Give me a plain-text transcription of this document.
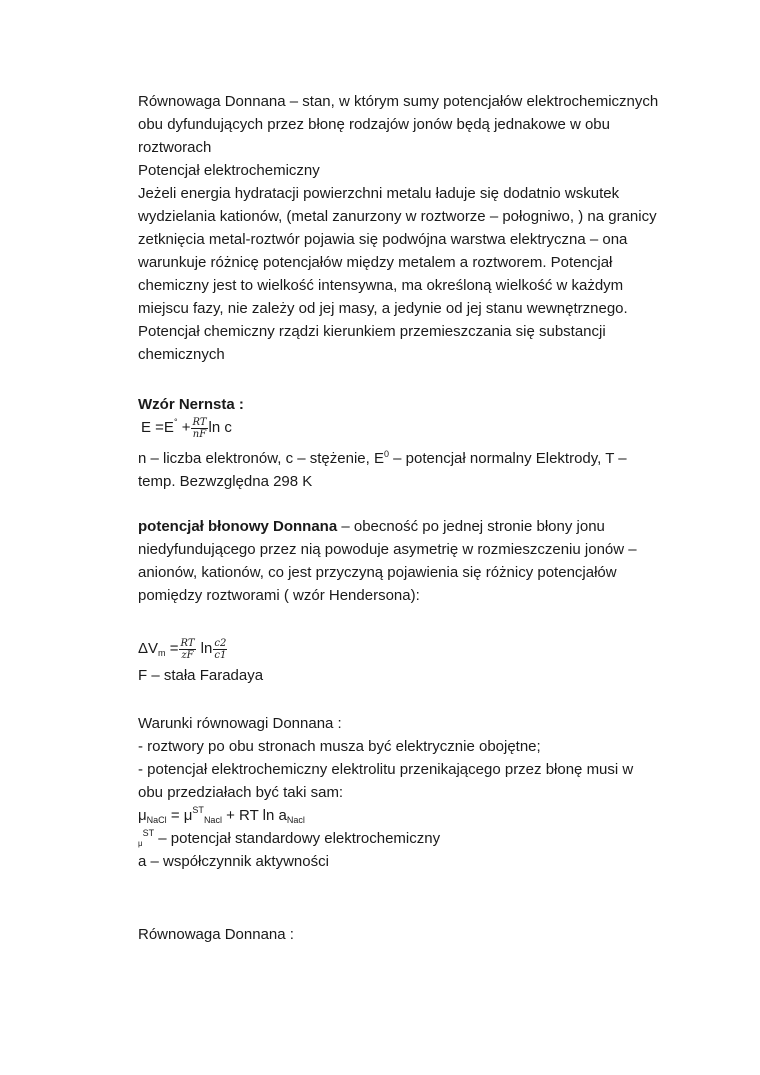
Równowaga Donnana – stan, w którym sumy potencjałów elektrochemicznych
obu dyfundujących przez błonę rodzajów jonów będą jednakowe w obu
roztworach
Potencjał elektrochemiczny
Jeżeli energia hydratacji powierzchni metalu ładuje się dodatnio wskutek
wydzielania kationów, (metal zanurzony w roztworze – połogniwo, ) na granicy
zetknięcia metal-roztwór pojawia się podwójna warstwa elektryczna – ona
warunkuje różnicę potencjałów między metalem a roztworem. Potencjał
chemiczny jest to wielkość intensywna, ma określoną wielkość w każdym
miejscu fazy, nie zależy od jej masy, a jedynie od jej stanu wewnętrznego.
Potencjał chemiczny rządzi kierunkiem przemieszczania się substancji
chemicznych
Wzór Nernsta :
$E =E^\circ + \frac{RT}{nF}$ ln c
n – liczba elektronów, c – stężenie, $E^0$ – potencjał normalny Elektrody, T –
temp. Bezwzględna 298 K
potencjał błonowy Donnana – obecność po jednej stronie błony jonu
niedyfundującego przez nią powoduje asymetrię w rozmieszczeniu jonów –
anionów, kationów, co jest przyczyną pojawienia się różnicy potencjałów
pomiędzy roztworami ( wzór Hendersona):
$\Delta V_m = \frac{RT}{zF}$ $\ln \frac{c2}{c1}$
F – stała Faradaya
Warunki równowagi Donnana :
- roztwory po obu stronach musza być elektrycznie obojętne;
- potencjał elektrochemiczny elektrolitu przenikającego przez błonę musi w
obu przedziałach być taki sam:
$\mu_{NaCl} = \mu^{ST}_{Nacl}$ + RT $\ln a_{Nacl}$
$_\mu^{ST}$ – potencjał standardowy elektrochemiczny
a – współczynnik aktywności
Równowaga Donnana :
